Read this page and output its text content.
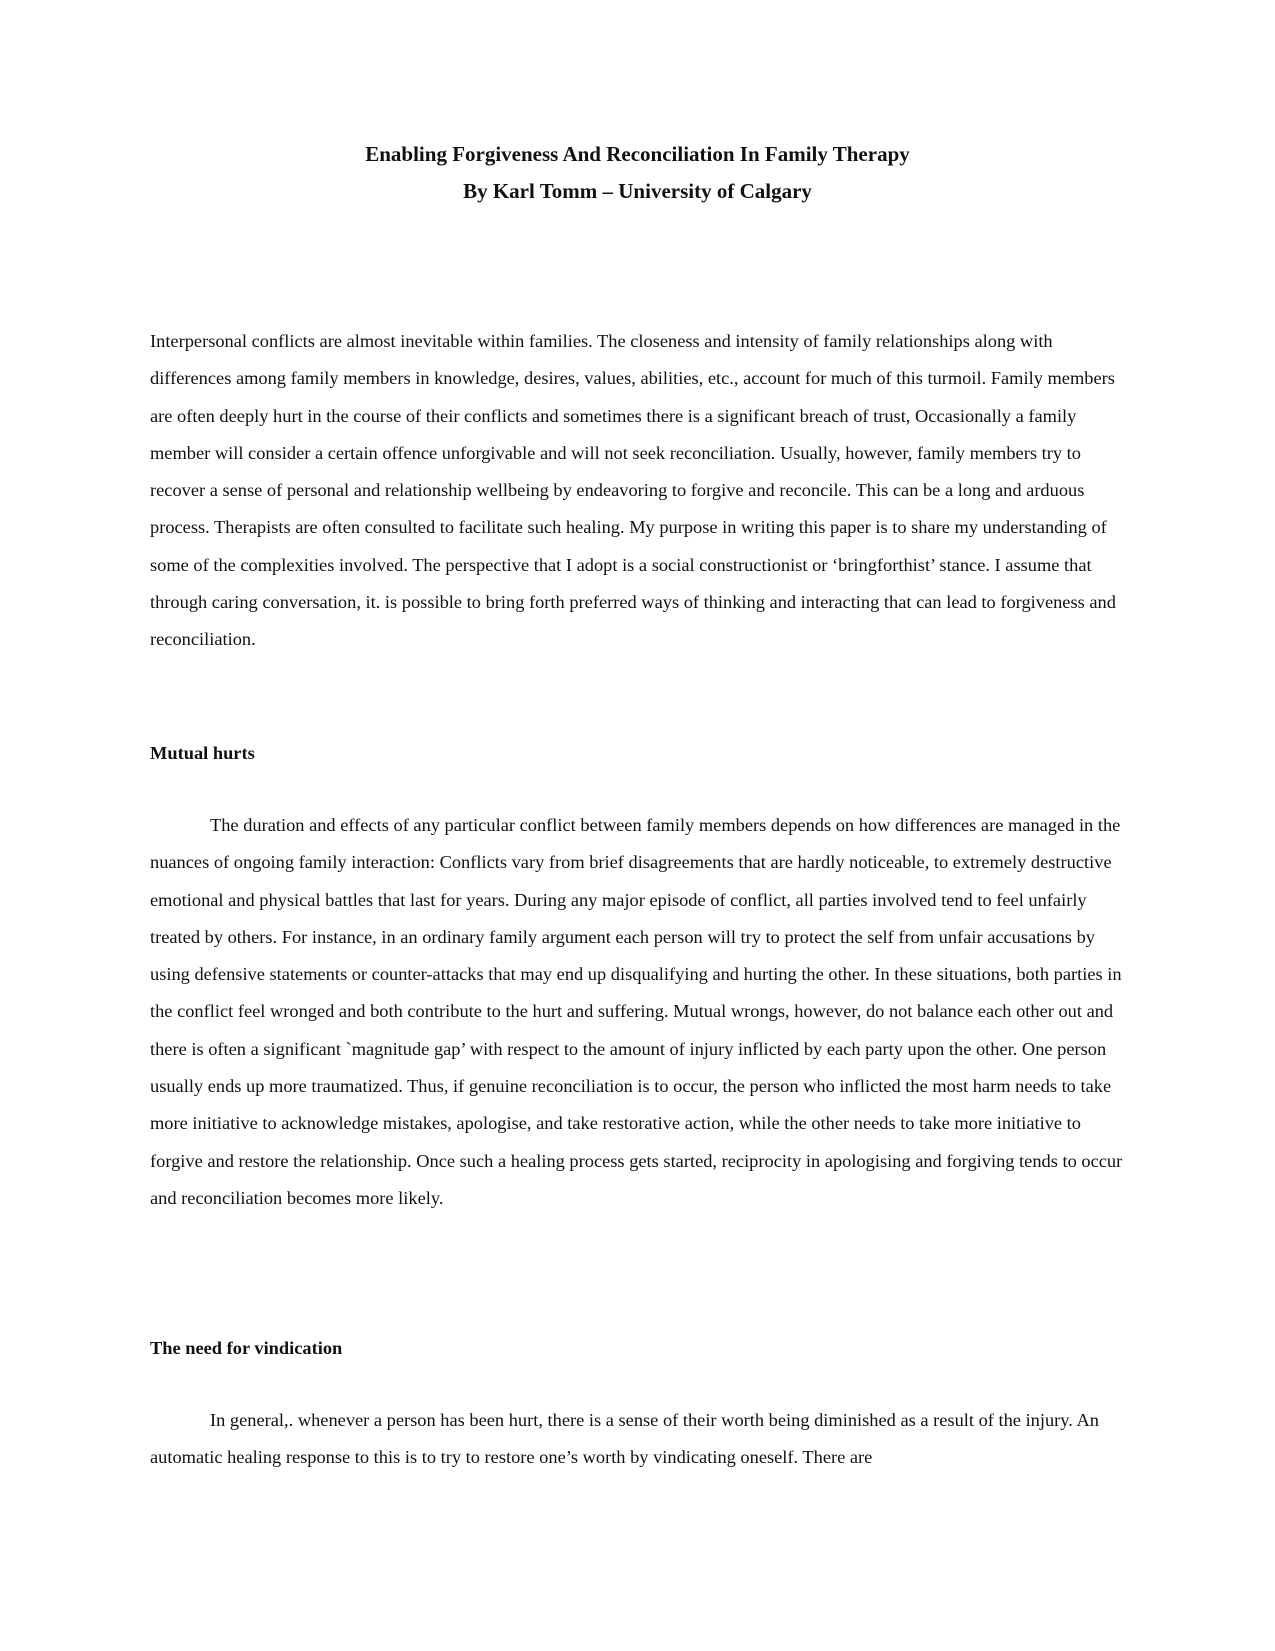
Enabling Forgiveness And Reconciliation In Family Therapy
By Karl Tomm – University of Calgary

Interpersonal conflicts are almost inevitable within families. The closeness and intensity of family relationships along with differences among family members in knowledge, desires, values, abilities, etc., account for much of this turmoil. Family members are often deeply hurt in the course of their conflicts and sometimes there is a significant breach of trust, Occasionally a family member will consider a certain offence unforgivable and will not seek reconciliation. Usually, however, family members try to recover a sense of personal and relationship wellbeing by endeavoring to forgive and reconcile. This can be a long and arduous process. Therapists are often consulted to facilitate such healing. My purpose in writing this paper is to share my understanding of some of the complexities involved. The perspective that I adopt is a social constructionist or ‘bringforthist’ stance. I assume that through caring conversation, it. is possible to bring forth preferred ways of thinking and interacting that can lead to forgiveness and reconciliation.

Mutual hurts

The duration and effects of any particular conflict between family members depends on how differences are managed in the nuances of ongoing family interaction: Conflicts vary from brief disagreements that are hardly noticeable, to extremely destructive emotional and physical battles that last for years. During any major episode of conflict, all parties involved tend to feel unfairly treated by others. For instance, in an ordinary family argument each person will try to protect the self from unfair accusations by using defensive statements or counter-attacks that may end up disqualifying and hurting the other. In these situations, both parties in the conflict feel wronged and both contribute to the hurt and suffering. Mutual wrongs, however, do not balance each other out and there is often a significant `magnitude gap’ with respect to the amount of injury inflicted by each party upon the other. One person usually ends up more traumatized. Thus, if genuine reconciliation is to occur, the person who inflicted the most harm needs to take more initiative to acknowledge mistakes, apologise, and take restorative action, while the other needs to take more initiative to forgive and restore the relationship. Once such a healing process gets started, reciprocity in apologising and forgiving tends to occur and reconciliation becomes more likely.

The need for vindication

In general,. whenever a person has been hurt, there is a sense of their worth being diminished as a result of the injury. An automatic healing response to this is to try to restore one’s worth by vindicating oneself. There are
